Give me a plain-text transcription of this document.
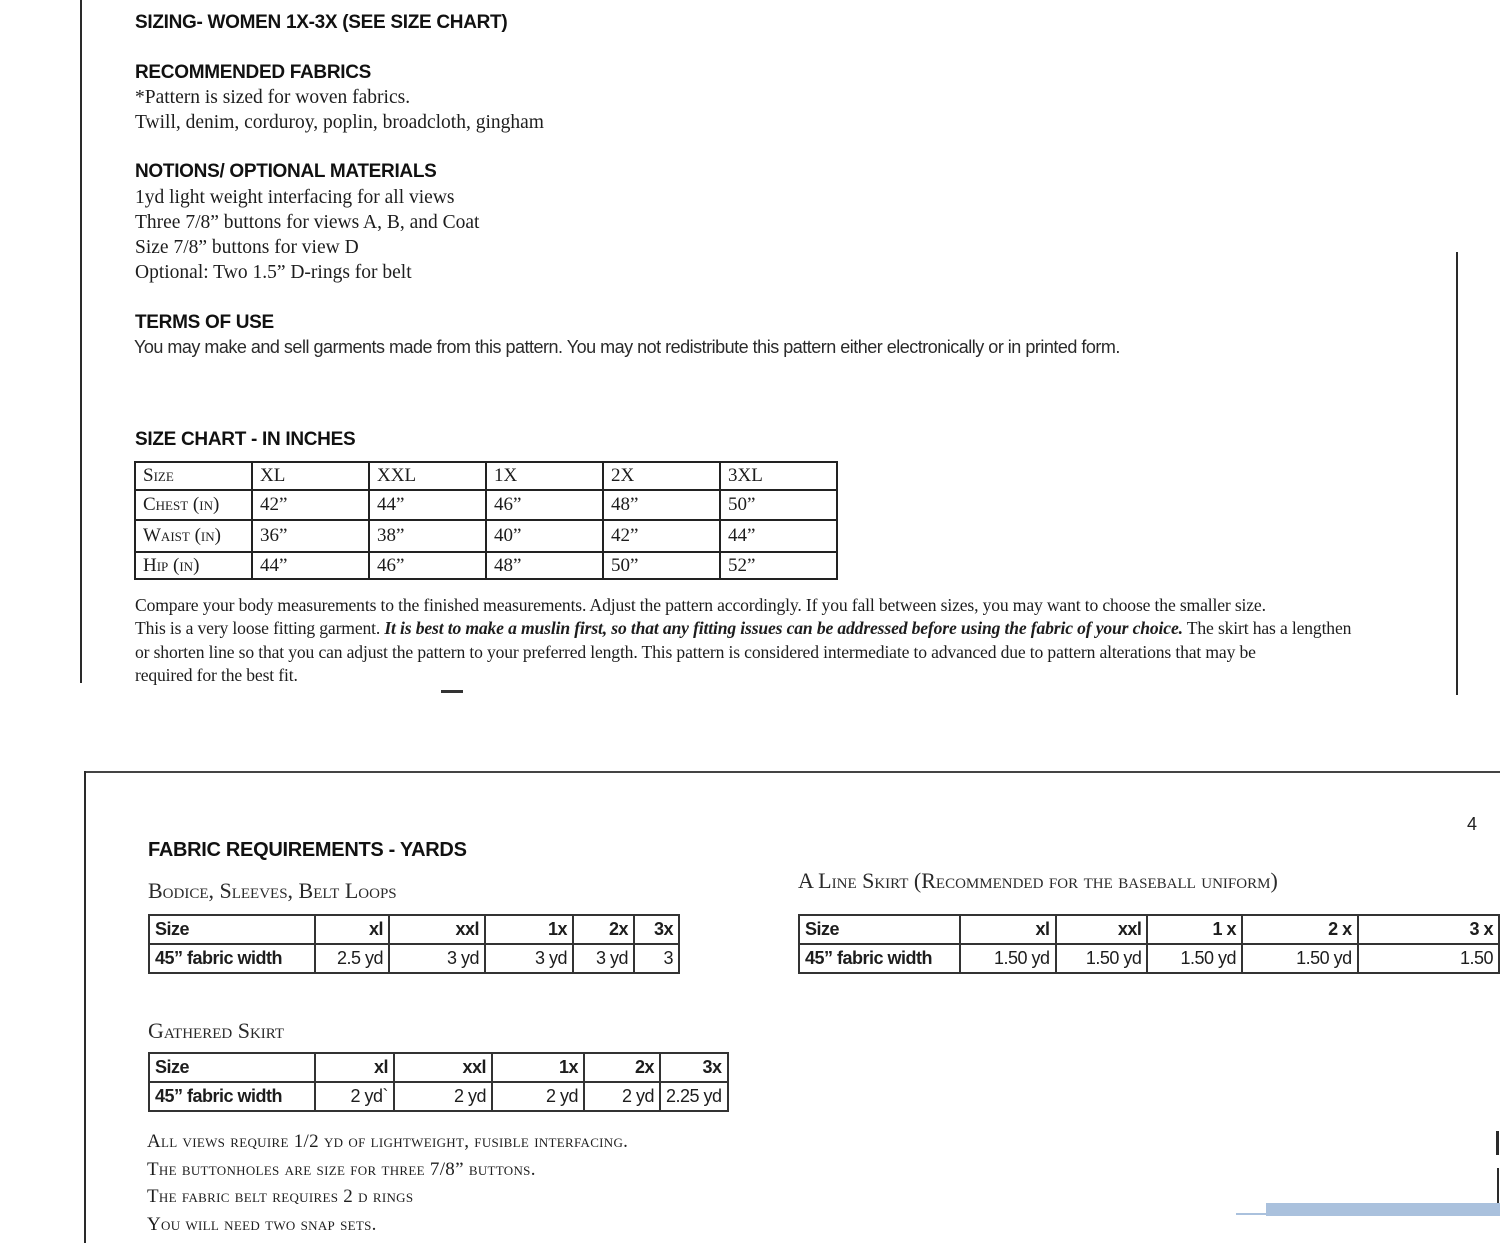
SIZING- WOMEN 1X-3X (SEE SIZE CHART)
RECOMMENDED FABRICS
*Pattern is sized for woven fabrics.
Twill, denim, corduroy, poplin, broadcloth, gingham
NOTIONS/ OPTIONAL MATERIALS
1yd light weight interfacing for all views
Three 7/8” buttons for views A, B, and Coat
Size 7/8” buttons for view D
Optional: Two 1.5” D-rings for belt
TERMS OF USE
You may make and sell garments made from this pattern. You may not redistribute this pattern either electronically or in printed form.
SIZE CHART - IN INCHES
Size	XL	XXL	1X	2X	3XL
Chest (in)	42”	44”	46”	48”	50”
Waist (in)	36”	38”	40”	42”	44”
Hip (in)	44”	46”	48”	50”	52”

Compare your body measurements to the finished measurements. Adjust the pattern accordingly. If you fall between sizes, you may want to choose the smaller size.

This is a very loose fitting garment. It is best to make a muslin first, so that any fitting issues can be addressed before using the fabric of your choice. The skirt has a lengthen

or shorten line so that you can adjust the pattern to your preferred length. This pattern is considered intermediate to advanced due to pattern alterations that may be

required for the best fit.

4
FABRIC REQUIREMENTS - YARDS
Bodice, Sleeves, Belt Loops
Size	xl	xxl	1x	2x	3x
45” fabric width	2.5 yd	3 yd	3 yd	3 yd	3
A Line Skirt (Recommended for the baseball uniform)
Size	xl	xxl	1 x	2 x	3 x
45” fabric width	1.50 yd	1.50 yd	1.50 yd	1.50 yd	1.50
Gathered Skirt
Size	xl	xxl	1x	2x	3x
45” fabric width	2 yd`	2 yd	2 yd	2 yd	2.25 yd

All views require 1/2 yd of lightweight, fusible interfacing.

The buttonholes are size for three 7/8” buttons.

The fabric belt requires 2 d rings

You will need two snap sets.
